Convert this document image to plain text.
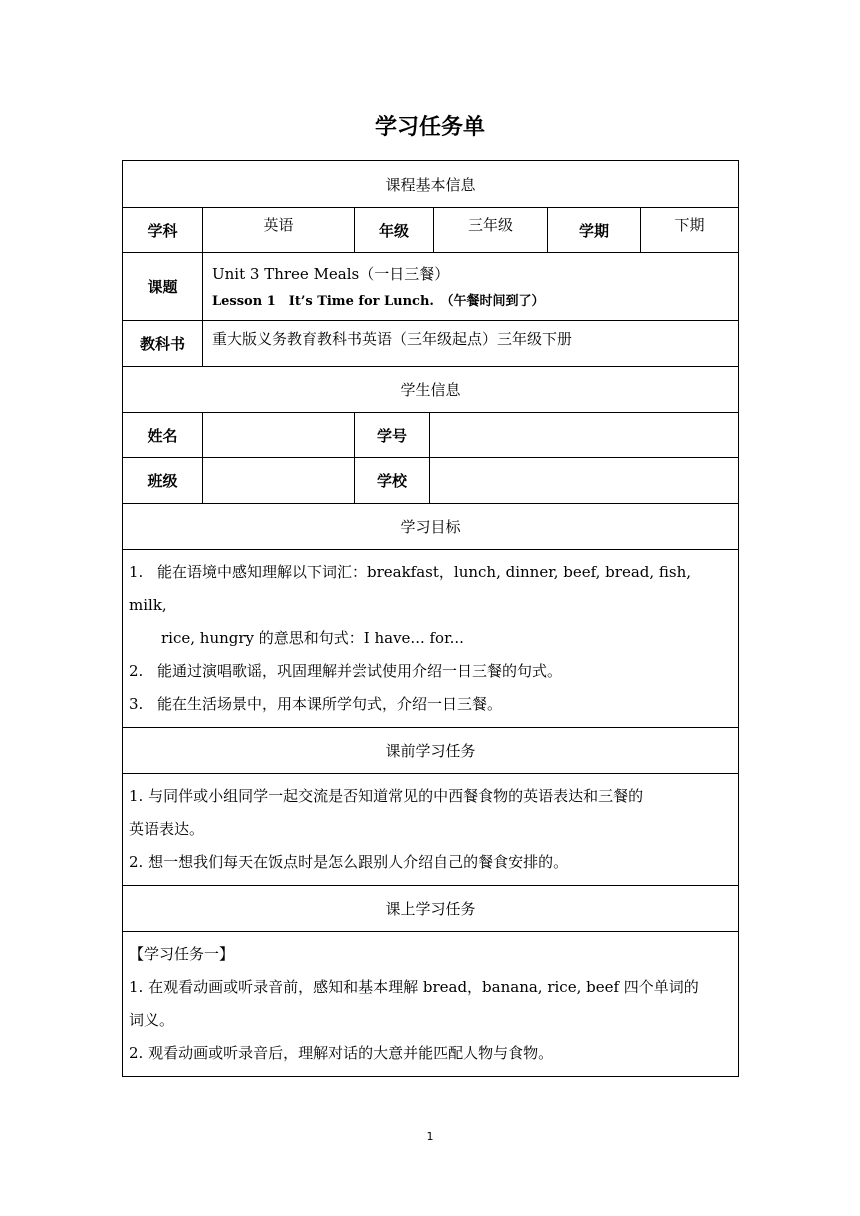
学习任务单
课程基本信息						
学科	英语	年级		三年级	学期	下期
课题	Unit 3 Three Meals（一日三餐）
Lesson 1　It’s Time for Lunch.　（午餐时间到了）					

教科书	重大版义务教育教科书英语（三年级起点）三年级下册					
学生信息						
姓名		学号				
班级		学校				
学习目标						

1. 能在语境中感知理解以下词汇：breakfast，lunch, dinner, beef, bread, fish, milk,
rice, hungry 的意思和句式：I have... for...
2. 能通过演唱歌谣，巩固理解并尝试使用介绍一日三餐的句式。
3. 能在生活场景中，用本课所学句式，介绍一日三餐。						

课前学习任务						

1. 与同伴或小组同学一起交流是否知道常见的中西餐食物的英语表达和三餐的
英语表达。
2. 想一想我们每天在饭点时是怎么跟别人介绍自己的餐食安排的。						

课上学习任务						

【学习任务一】
1. 在观看动画或听录音前，感知和基本理解 bread，banana, rice, beef 四个单词的
词义。
2. 观看动画或听录音后，理解对话的大意并能匹配人物与食物。						
1
